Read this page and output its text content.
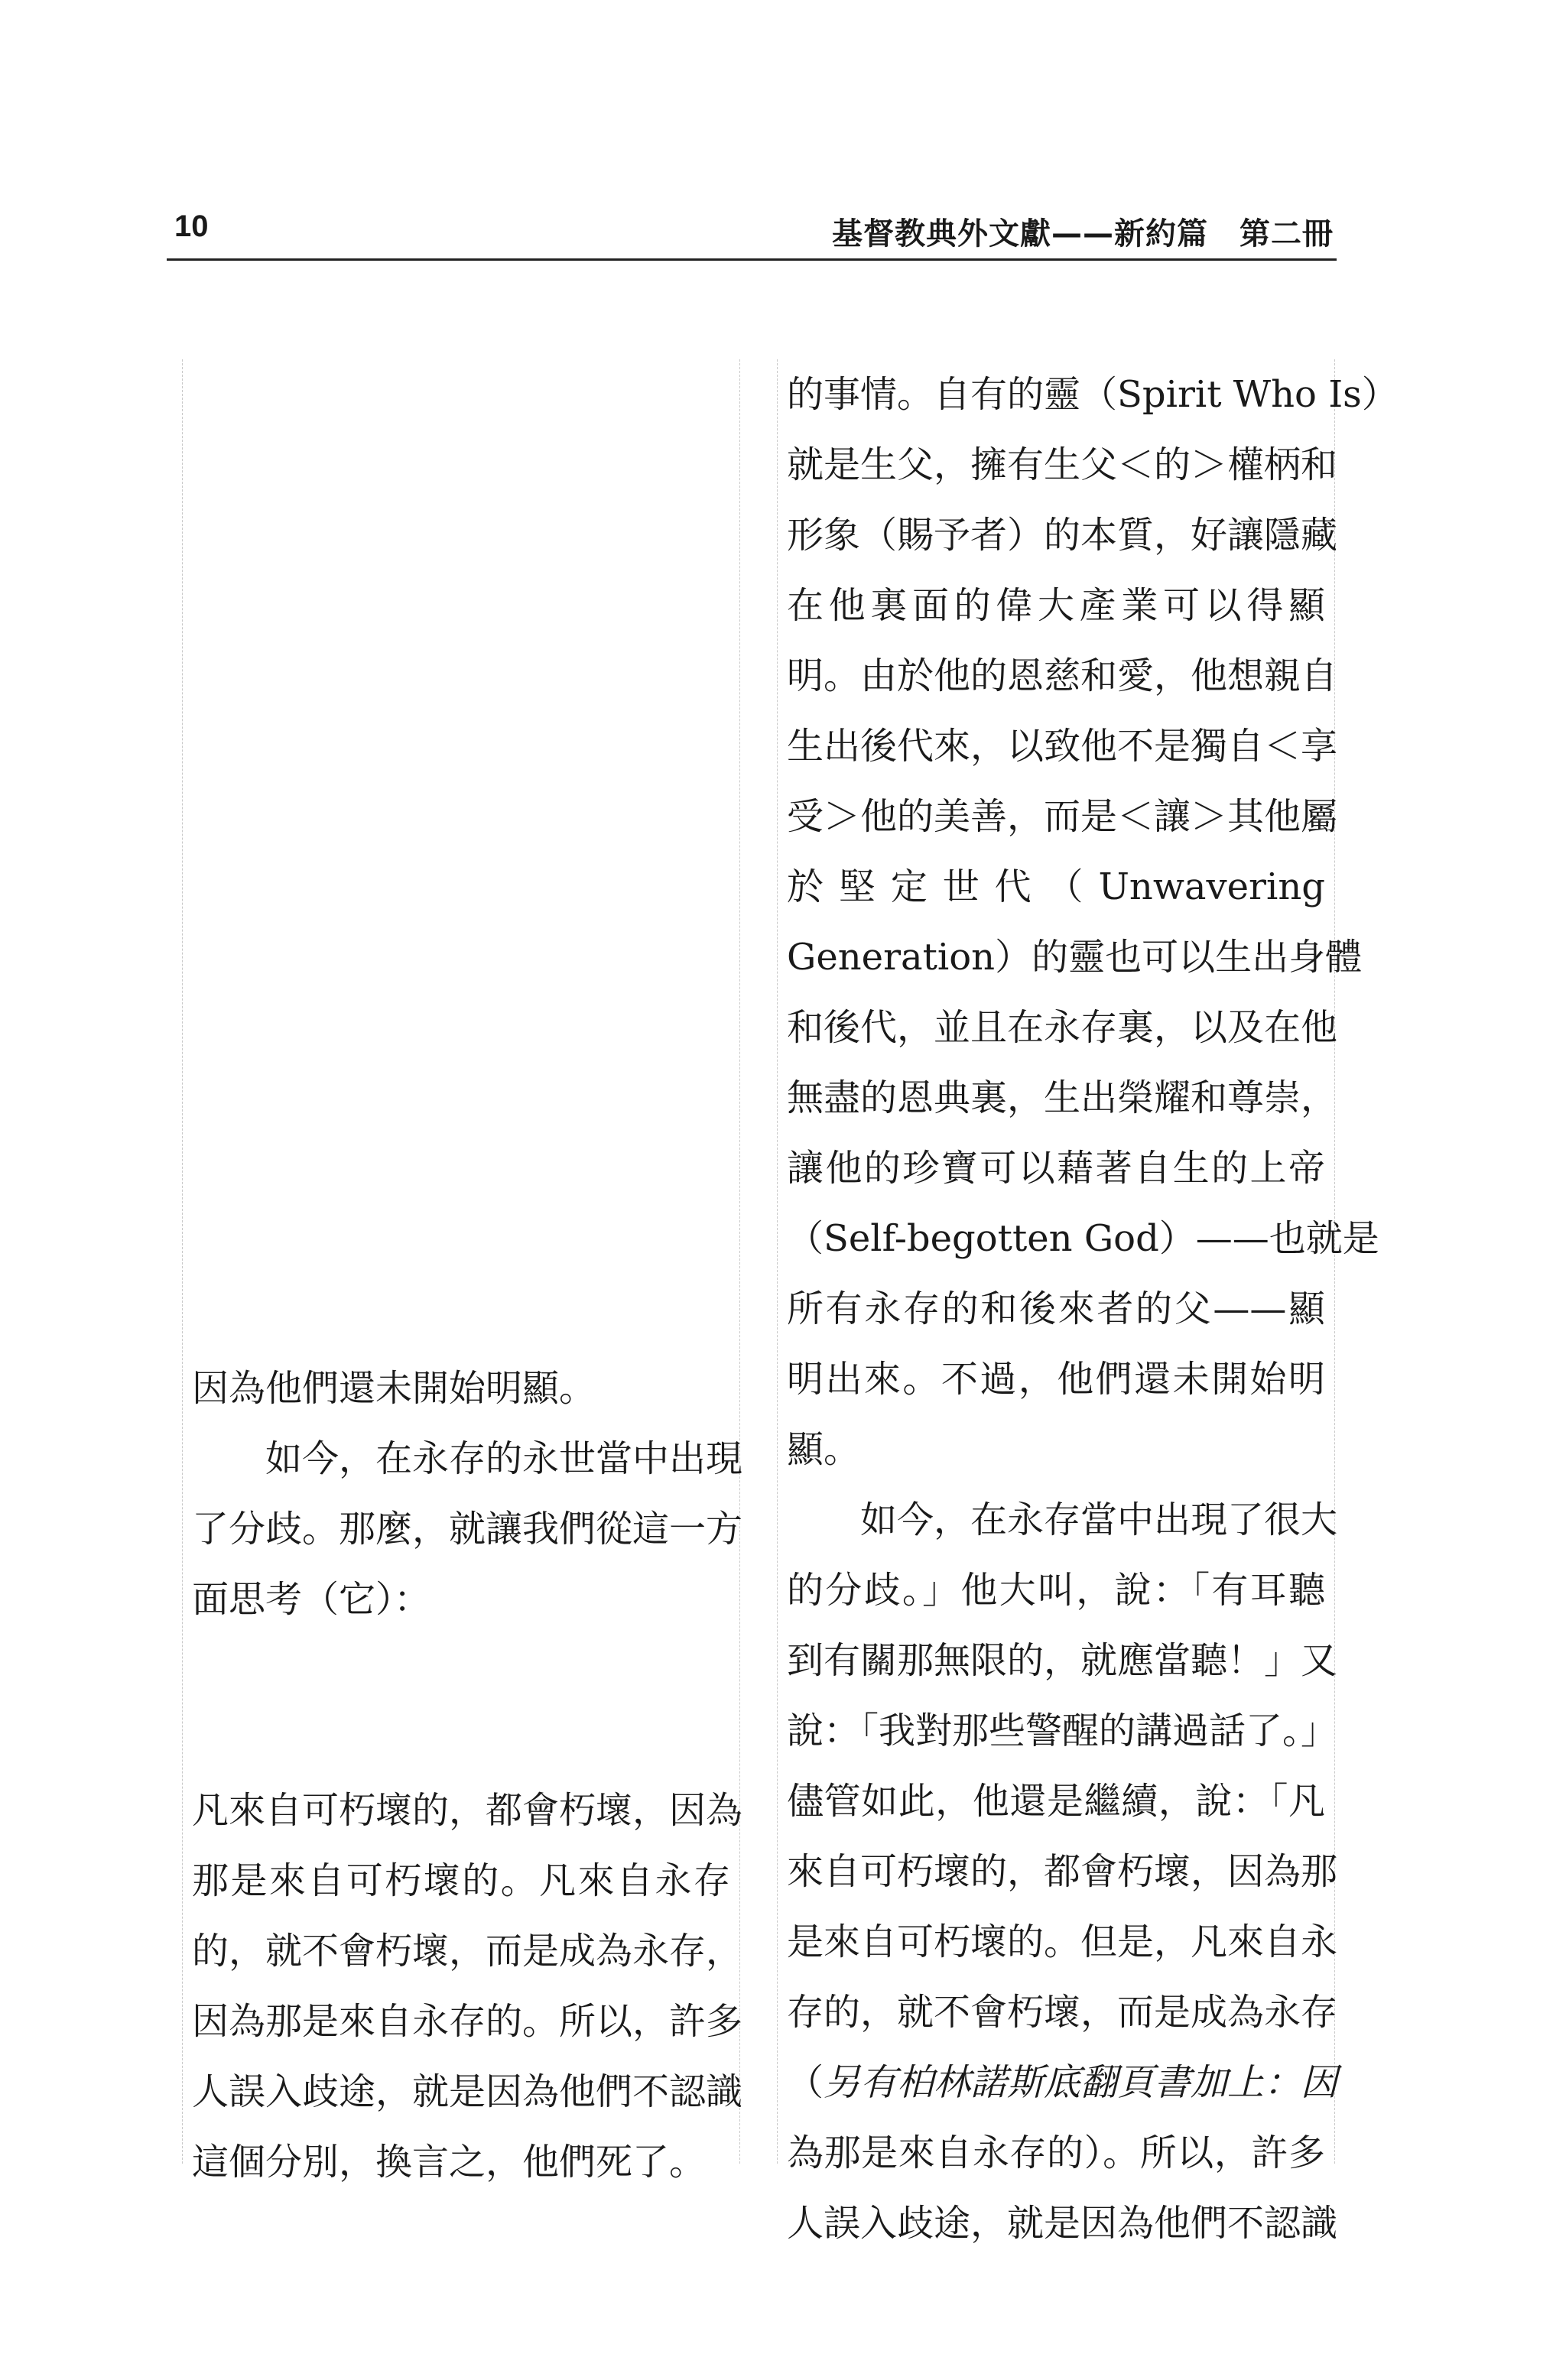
10	基督教典外文獻——新約篇　第二冊
因為他們還未開始明顯。
如今，在永存的永世當中出現
了分歧。那麼，就讓我們從這一方
面思考（它）：
凡來自可朽壞的，都會朽壞，因為
那是來自可朽壞的。凡來自永存
的，就不會朽壞，而是成為永存，
因為那是來自永存的。所以，許多
人誤入歧途，就是因為他們不認識
這個分別，換言之，他們死了。
的事情。自有的靈（Spirit Who Is）
就是生父，擁有生父＜的＞權柄和
形象（賜予者）的本質，好讓隱藏
在他裏面的偉大產業可以得顯
明。由於他的恩慈和愛，他想親自
生出後代來，以致他不是獨自＜享
受＞他的美善，而是＜讓＞其他屬
於 堅 定 世 代 （ Unwavering
Generation）的靈也可以生出身體
和後代，並且在永存裏，以及在他
無盡的恩典裏，生出榮耀和尊崇，
讓他的珍寶可以藉著自生的上帝
（Self-begotten God）——也就是
所有永存的和後來者的父——顯
明出來。不過，他們還未開始明
顯。
如今，在永存當中出現了很大
的分歧。」他大叫，說：「有耳聽
到有關那無限的，就應當聽！」又
說：「我對那些警醒的講過話了。」
儘管如此，他還是繼續，說：「凡
來自可朽壞的，都會朽壞，因為那
是來自可朽壞的。但是，凡來自永
存的，就不會朽壞，而是成為永存
（另有柏林諾斯底翻頁書加上：因
為那是來自永存的）。所以，許多
人誤入歧途，就是因為他們不認識
